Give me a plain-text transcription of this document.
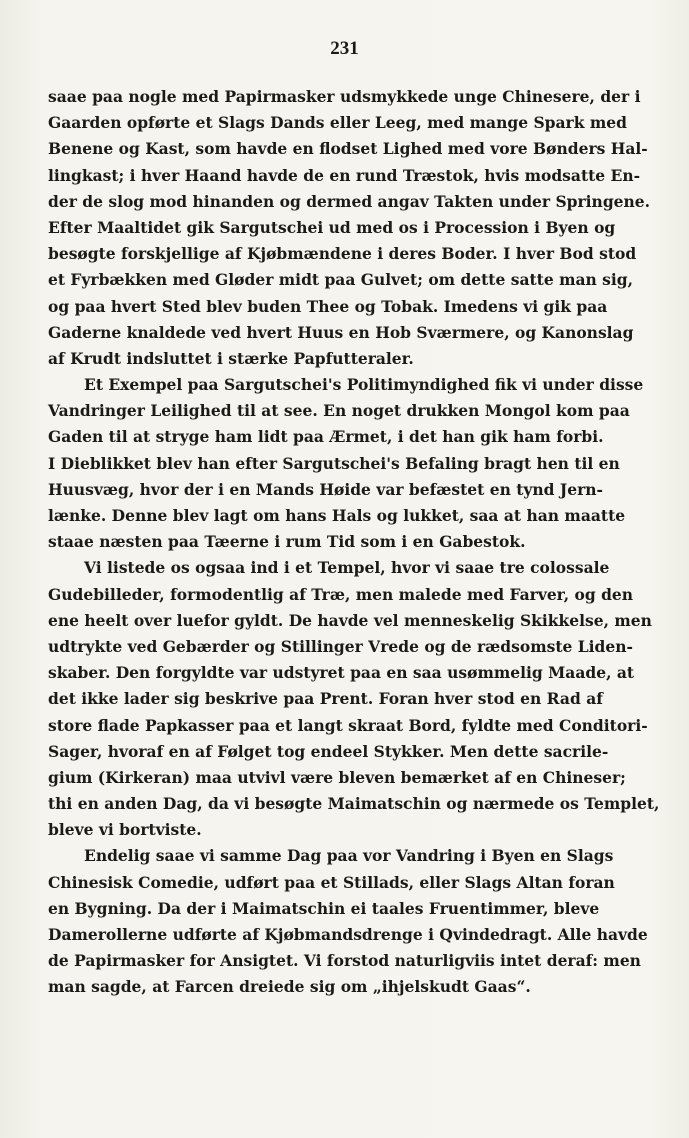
231
saae paa nogle med Papirmasker udsmykkede unge Chinesere, der i
Gaarden opførte et Slags Dands eller Leeg, med mange Spark med
Benene og Kast, som havde en flodset Lighed med vore Bønders Hal-
lingkast; i hver Haand havde de en rund Træstok, hvis modsatte En-
der de slog mod hinanden og dermed angav Takten under Springene.
Efter Maaltidet gik Sargutschei ud med os i Procession i Byen og
besøgte forskjellige af Kjøbmændene i deres Boder. I hver Bod stod
et Fyrbækken med Gløder midt paa Gulvet; om dette satte man sig,
og paa hvert Sted blev buden Thee og Tobak. Imedens vi gik paa
Gaderne knaldede ved hvert Huus en Hob Sværmere, og Kanonslag
af Krudt indsluttet i stærke Papfutteraler.
Et Exempel paa Sargutschei's Politimyndighed fik vi under disse
Vandringer Leilighed til at see. En noget drukken Mongol kom paa
Gaden til at stryge ham lidt paa Ærmet, i det han gik ham forbi.
I Dieblikket blev han efter Sargutschei's Befaling bragt hen til en
Huusvæg, hvor der i en Mands Høide var befæstet en tynd Jern-
lænke. Denne blev lagt om hans Hals og lukket, saa at han maatte
staae næsten paa Tæerne i rum Tid som i en Gabestok.
Vi listede os ogsaa ind i et Tempel, hvor vi saae tre colossale
Gudebilleder, formodentlig af Træ, men malede med Farver, og den
ene heelt over luefor gyldt. De havde vel menneskelig Skikkelse, men
udtrykte ved Gebærder og Stillinger Vrede og de rædsomste Liden-
skaber. Den forgyldte var udstyret paa en saa usømmelig Maade, at
det ikke lader sig beskrive paa Prent. Foran hver stod en Rad af
store flade Papkasser paa et langt skraat Bord, fyldte med Conditori-
Sager, hvoraf en af Følget tog endeel Stykker. Men dette sacrile-
gium (Kirkeran) maa utvivl være bleven bemærket af en Chineser;
thi en anden Dag, da vi besøgte Maimatschin og nærmede os Templet,
bleve vi bortviste.
Endelig saae vi samme Dag paa vor Vandring i Byen en Slags
Chinesisk Comedie, udført paa et Stillads, eller Slags Altan foran
en Bygning. Da der i Maimatschin ei taales Fruentimmer, bleve
Damerollerne udførte af Kjøbmandsdrenge i Qvindedragt. Alle havde
de Papirmasker for Ansigtet. Vi forstod naturligviis intet deraf: men
man sagde, at Farcen dreiede sig om „ihjelskudt Gaas“.
